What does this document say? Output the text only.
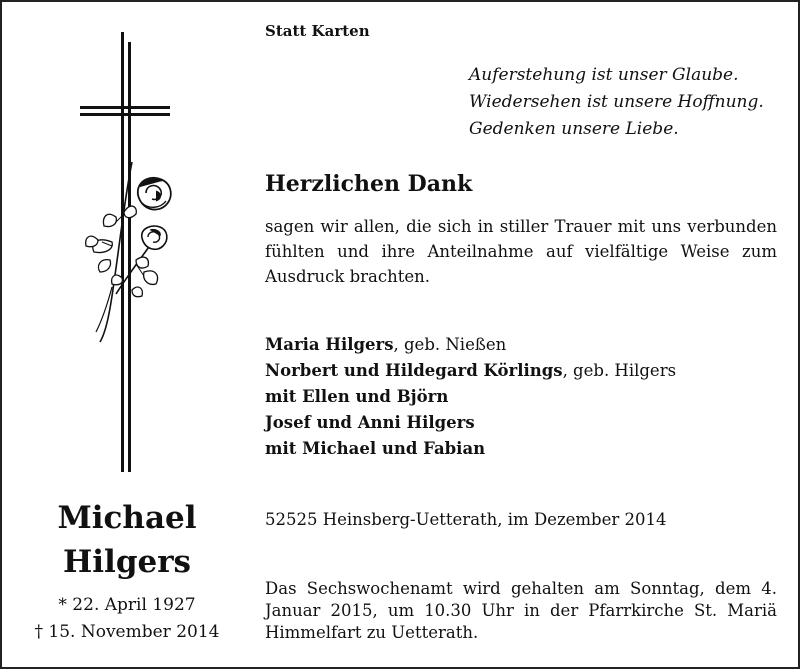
Michael
Hilgers
* 22. April 1927
† 15. November 2014
Statt Karten
Auferstehung ist unser Glaube.
Wiedersehen ist unsere Hoffnung.
Gedenken unsere Liebe.
Herzlichen Dank
sagen wir allen, die sich in stiller Trauer mit uns verbunden fühlten und ihre Anteilnahme auf vielfältige Weise zum Ausdruck brachten.
Maria Hilgers, geb. Nießen
Norbert und Hildegard Körlings, geb. Hilgers
mit Ellen und Björn
Josef und Anni Hilgers
mit Michael und Fabian
52525 Heinsberg-Uetterath, im Dezember 2014
Das Sechswochenamt wird gehalten am Sonntag, dem 4. Januar 2015, um 10.30 Uhr in der Pfarrkirche St. Mariä Himmelfart zu Uetterath.
